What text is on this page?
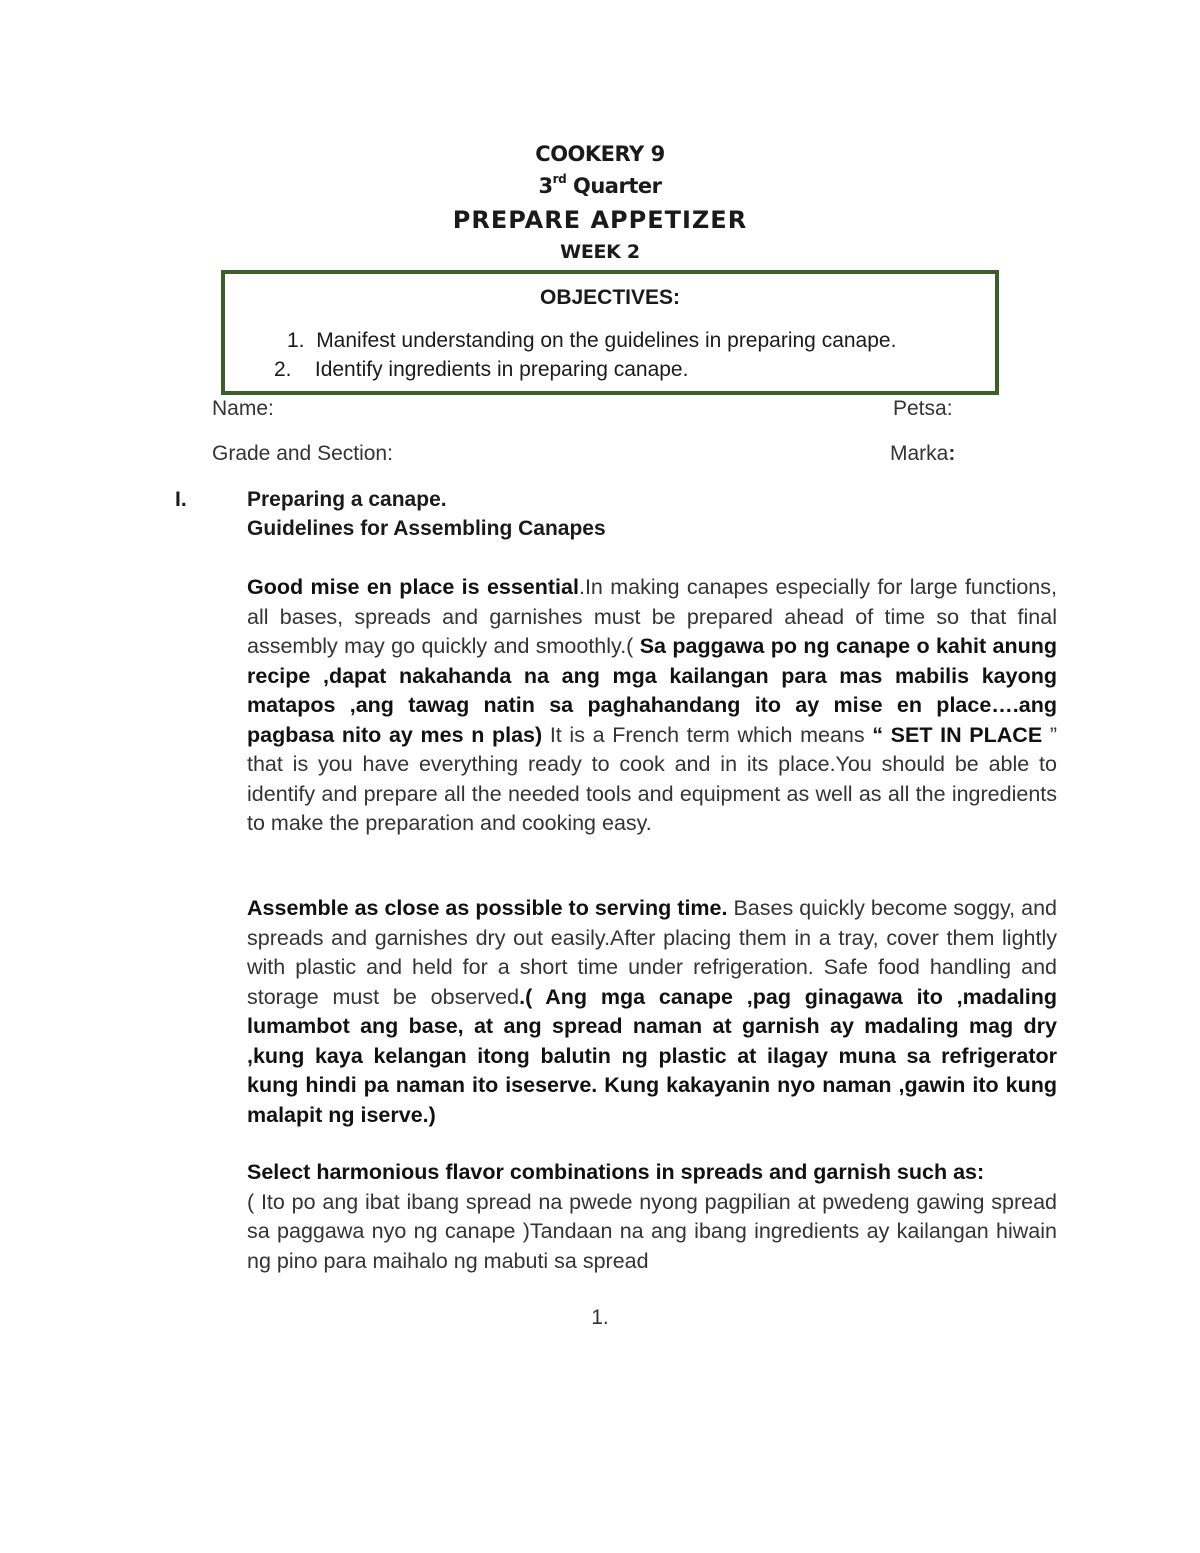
COOKERY 9
3rd Quarter
PREPARE APPETIZER
WEEK 2
OBJECTIVES:
1. Manifest understanding on the guidelines in preparing canape.
2. Identify ingredients in preparing canape.
Name:	Petsa:
Grade and Section:	Marka:
I.	Preparing a canape.
Guidelines for Assembling Canapes
Good mise en place is essential.In making canapes especially for large functions, all bases, spreads and garnishes must be prepared ahead of time so that final assembly may go quickly and smoothly.( Sa paggawa po ng canape o kahit anung recipe ,dapat nakahanda na ang mga kailangan para mas mabilis kayong matapos ,ang tawag natin sa paghahandang ito ay mise en place….ang pagbasa nito ay mes n plas) It is a French term which means “ SET IN PLACE ” that is you have everything ready to cook and in its place.You should be able to identify and prepare all the needed tools and equipment as well as all the ingredients to make the preparation and cooking easy.
Assemble as close as possible to serving time. Bases quickly become soggy, and spreads and garnishes dry out easily.After placing them in a tray, cover them lightly with plastic and held for a short time under refrigeration. Safe food handling and storage must be observed.( Ang mga canape ,pag ginagawa ito ,madaling lumambot ang base, at ang spread naman at garnish ay madaling mag dry ,kung kaya kelangan itong balutin ng plastic at ilagay muna sa refrigerator kung hindi pa naman ito iseserve. Kung kakayanin nyo naman ,gawin ito kung malapit ng iserve.)
Select harmonious flavor combinations in spreads and garnish such as:
( Ito po ang ibat ibang spread na pwede nyong pagpilian at pwedeng gawing spread sa paggawa nyo ng canape )Tandaan na ang ibang ingredients ay kailangan hiwain ng pino para maihalo ng mabuti sa spread
1.
